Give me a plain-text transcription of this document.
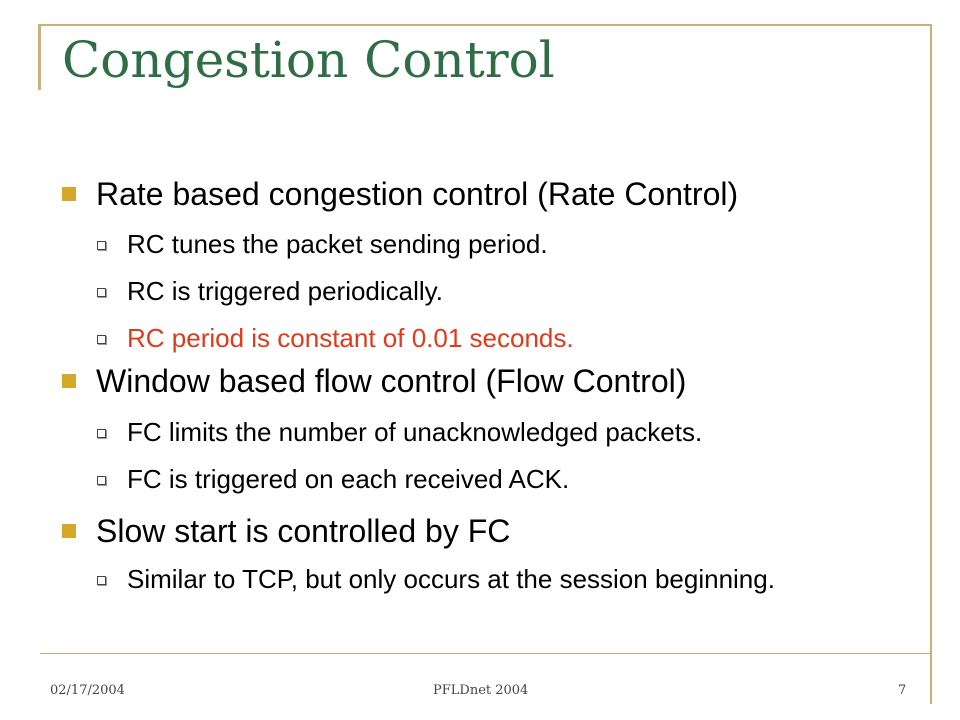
Congestion Control
Rate based congestion control (Rate Control)
RC tunes the packet sending period.
RC is triggered periodically.
RC period is constant of 0.01 seconds.
Window based flow control (Flow Control)
FC limits the number of unacknowledged packets.
FC is triggered on each received ACK.
Slow start is controlled by FC
Similar to TCP, but only occurs at the session beginning.
02/17/2004	PFLDnet 2004	7
